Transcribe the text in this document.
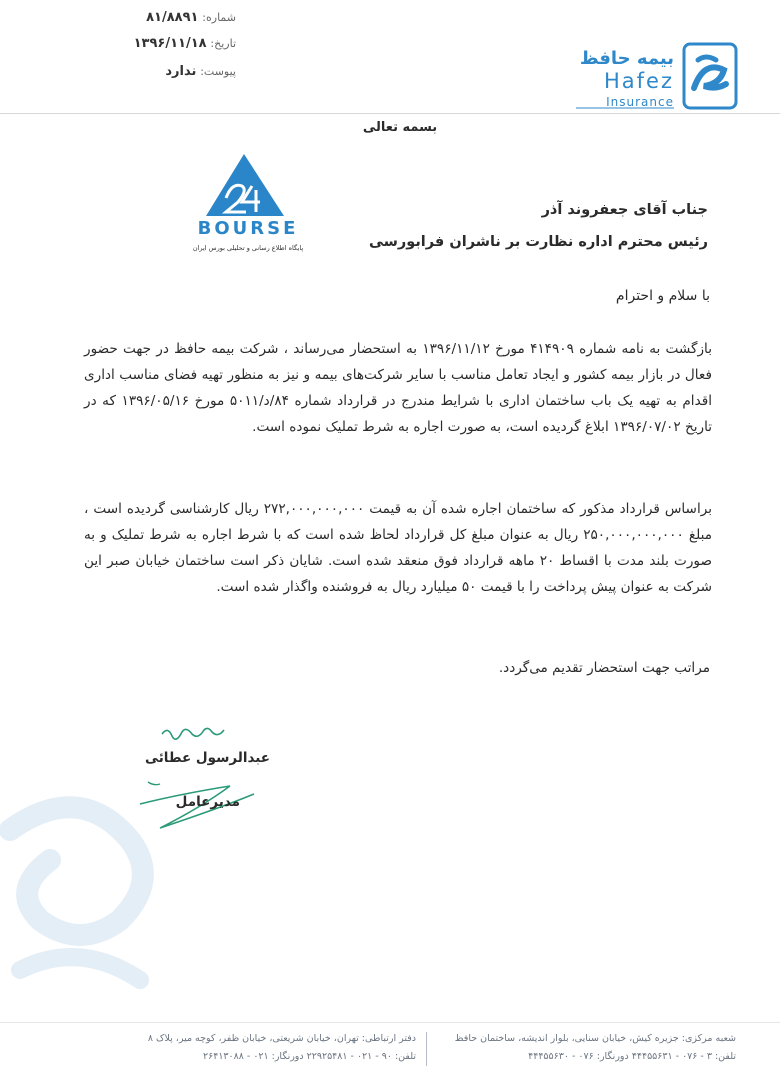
شماره: ۸۱/۸۸۹۱
تاریخ: ۱۳۹۶/۱۱/۱۸
پیوست: ندارد
بیمه حافظ
Hafez
Insurance
بسمه تعالی
BOURSE
پایگاه اطلاع رسانی و تحلیلی بورس ایران
جناب آقای جعفروند آذر
رئیس محترم اداره نظارت بر ناشران فرابورسی
با سلام و احترام
بازگشت به نامه شماره ۴۱۴۹۰۹ مورخ ۱۳۹۶/۱۱/۱۲ به استحضار می‌رساند ، شرکت بیمه حافظ در جهت حضور فعال در بازار بیمه کشور و ایجاد تعامل مناسب با سایر شرکت‌های بیمه و نیز به منظور تهیه فضای مناسب اداری اقدام به تهیه یک باب ساختمان اداری با شرایط مندرج در قرارداد شماره ۸۴/د/۵۰۱۱ مورخ ۱۳۹۶/۰۵/۱۶ که در تاریخ ۱۳۹۶/۰۷/۰۲ ابلاغ گردیده است، به صورت اجاره به شرط تملیک نموده است.
براساس قرارداد مذکور که ساختمان اجاره شده آن به قیمت ۲۷۲,۰۰۰,۰۰۰,۰۰۰ ریال کارشناسی گردیده است ، مبلغ ۲۵۰,۰۰۰,۰۰۰,۰۰۰ ریال به عنوان مبلغ کل قرارداد لحاظ شده است که با شرط اجاره به شرط تملیک و به صورت بلند مدت با اقساط ۲۰ ماهه قرارداد فوق منعقد شده است. شایان ذکر است ساختمان خیابان صبر این شرکت به عنوان پیش پرداخت را با قیمت ۵۰ میلیارد ریال به فروشنده واگذار شده است.
مراتب جهت استحضار تقدیم می‌گردد.
عبدالرسول عطائی
مدیرعامل
شعبه مرکزی: جزیره کیش، خیابان سنایی، بلوار اندیشه، ساختمان حافظ
تلفن: ۳ - ۰۷۶ - ۴۴۴۵۵۶۳۱ دورنگار: ۰۷۶ - ۴۴۴۵۵۶۳۰
دفتر ارتباطی: تهران، خیابان شریعتی، خیابان ظفر، کوچه میر، پلاک ۸
تلفن: ۹۰ - ۰۲۱ - ۲۲۹۲۵۴۸۱ دورنگار: ۰۲۱ - ۲۶۴۱۳۰۸۸
